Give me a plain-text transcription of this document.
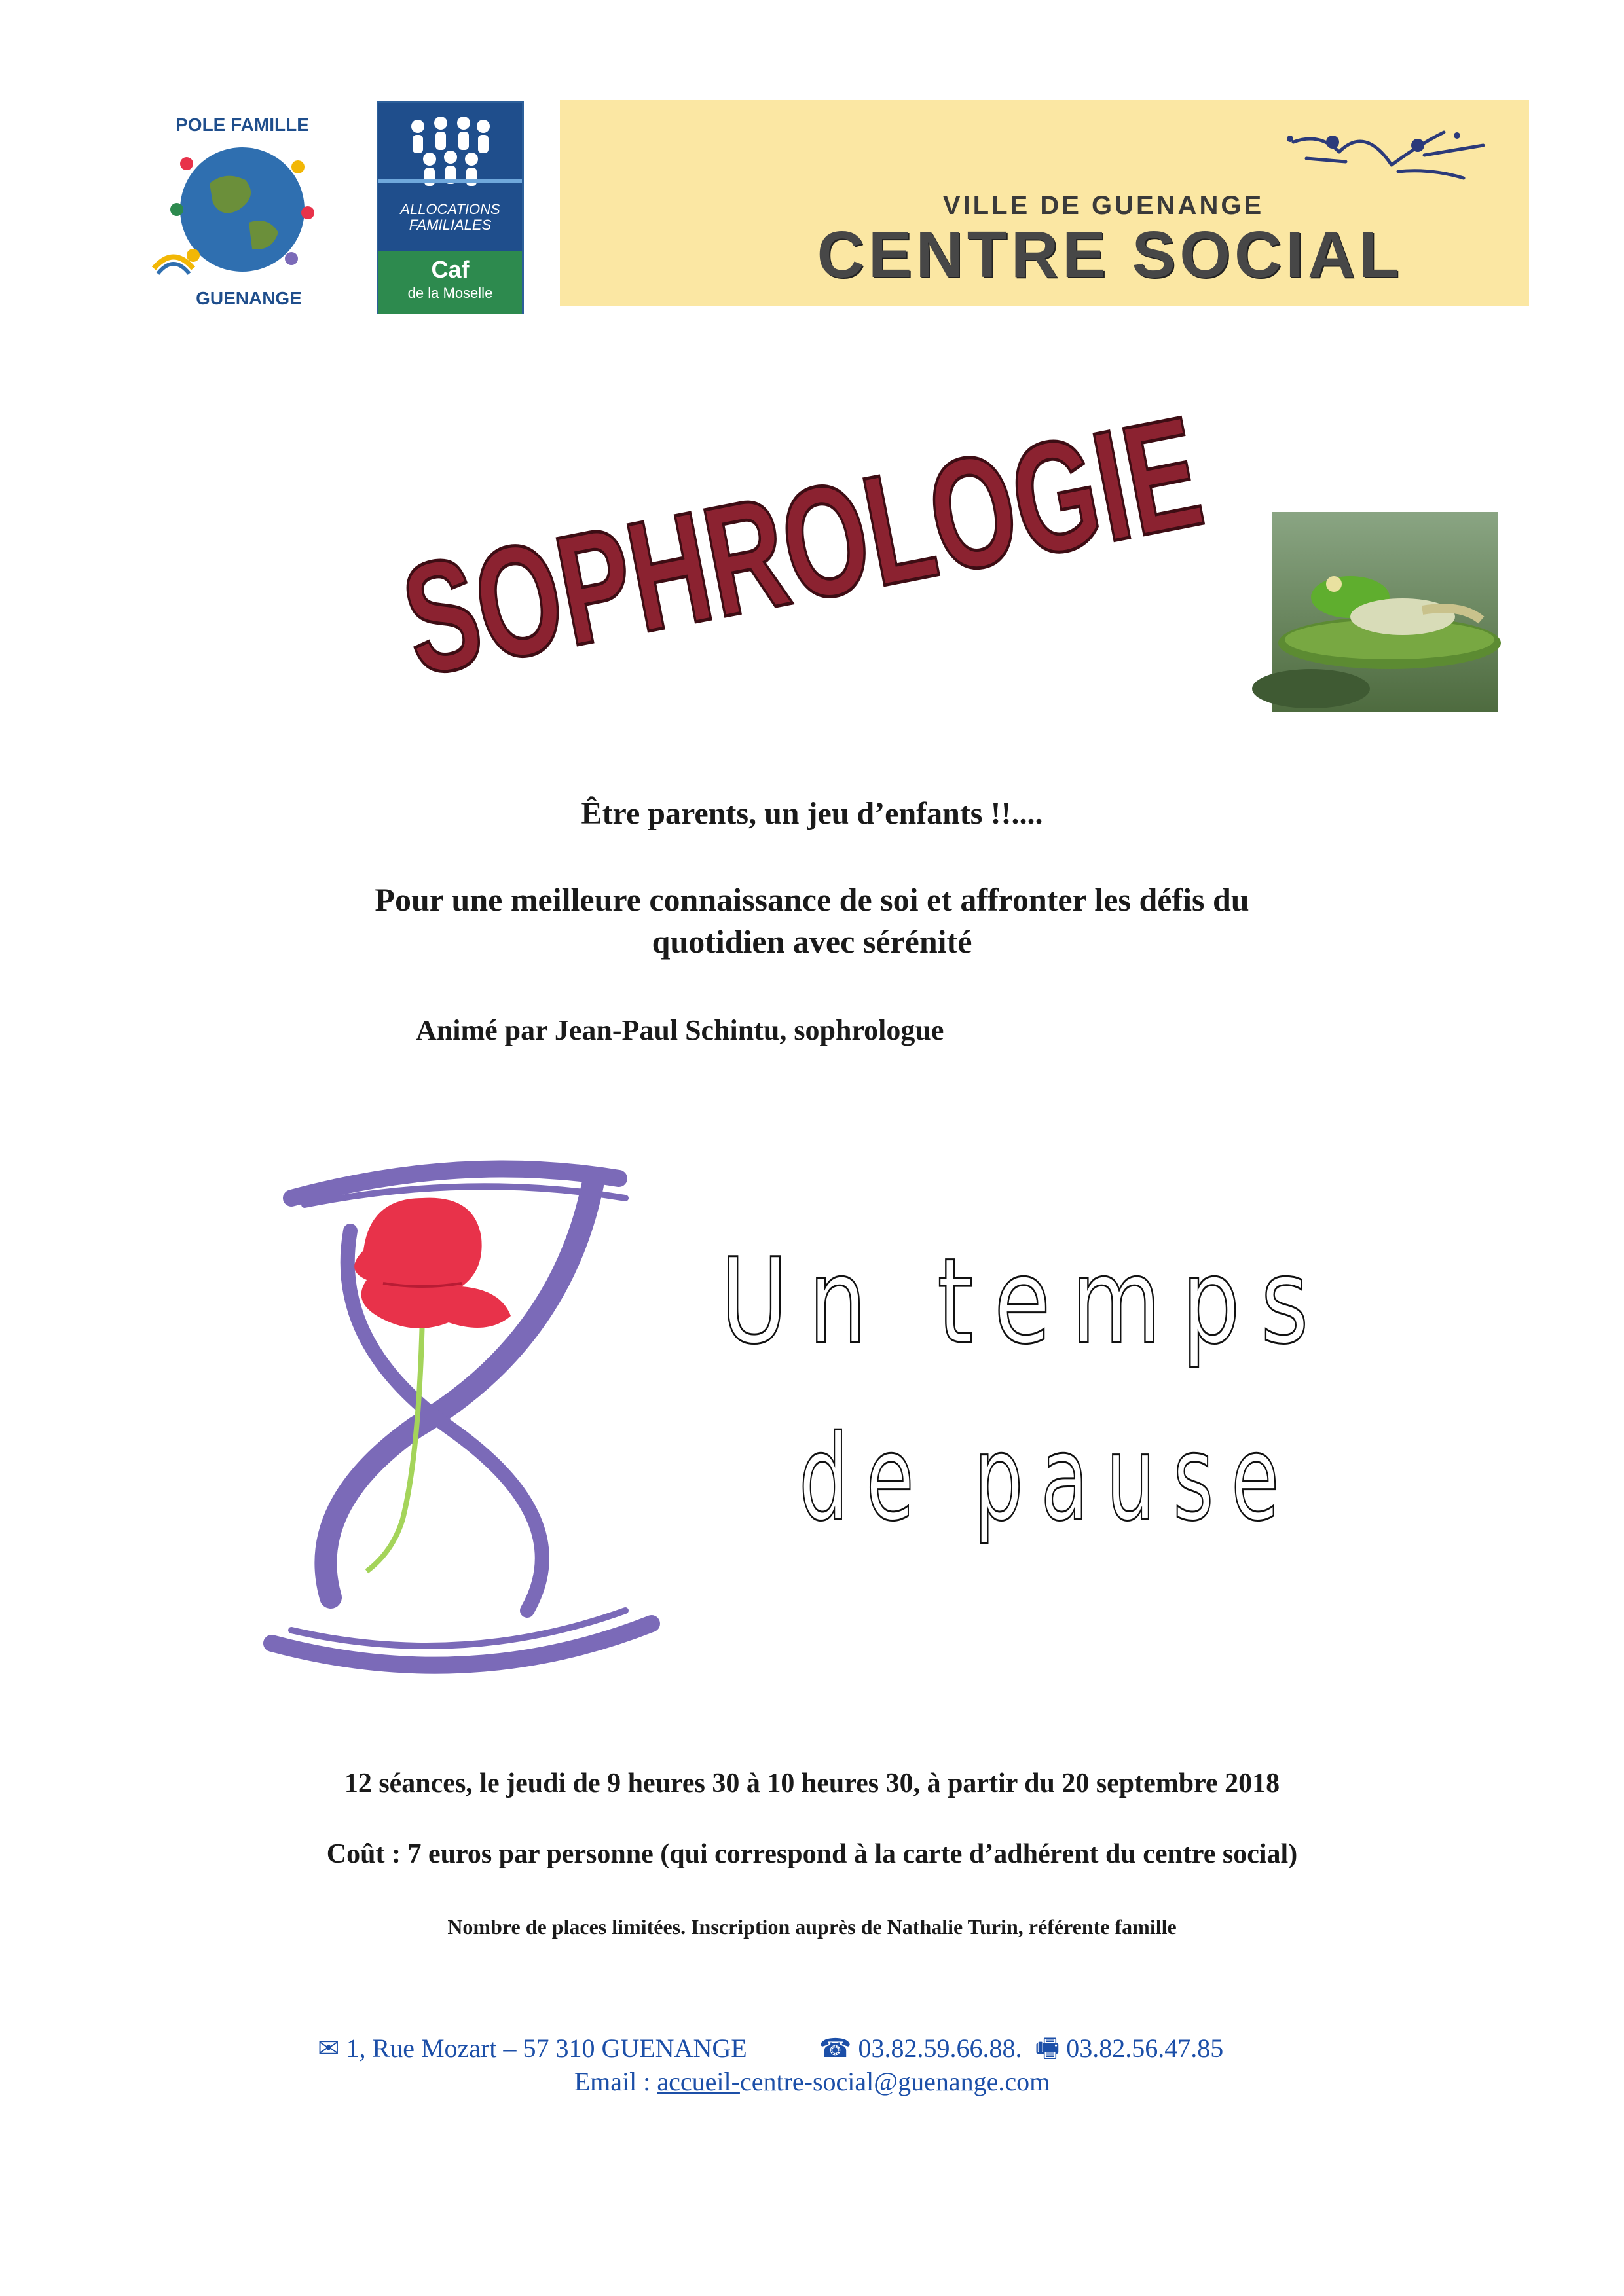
POLE FAMILLE
GUENANGE
ALLOCATIONS
FAMILIALES
Caf
de la Moselle
VILLE DE GUENANGE
CENTRE SOCIAL
SOPHROLOGIE
Être parents, un jeu d’enfants !!....
Pour une meilleure connaissance de soi et affronter les défis du
quotidien avec sérénité
Animé par Jean-Paul Schintu, sophrologue
Un temps
de pause
12 séances, le jeudi de 9 heures 30 à 10 heures 30, à partir du 20 septembre 2018
Coût : 7 euros par personne (qui correspond à la carte d’adhérent du centre social)
Nombre de places limitées. Inscription auprès de Nathalie Turin, référente famille
✉ 1, Rue Mozart – 57 310 GUENANGE	☎ 03.82.59.66.88.  🖷 03.82.56.47.85
Email : accueil-centre-social@guenange.com
